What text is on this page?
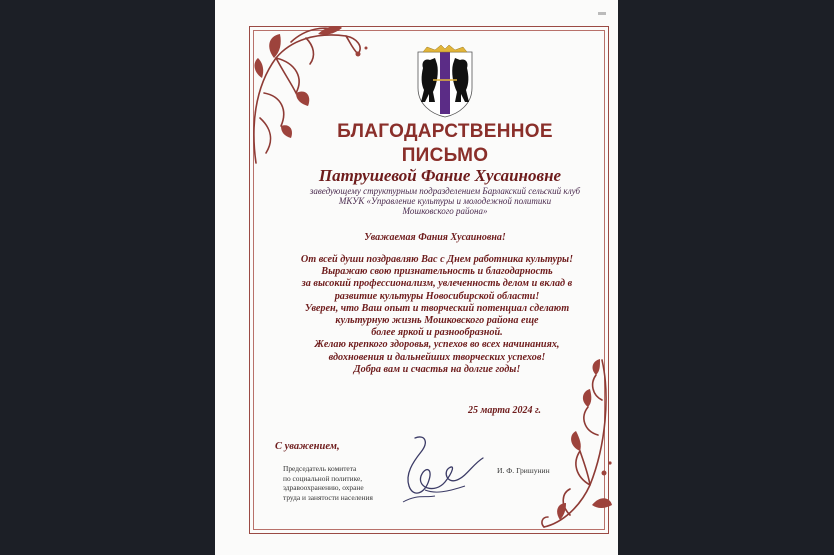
БЛАГОДАРСТВЕННОЕ
ПИСЬМО
Патрушевой Фание Хусаиновне
заведующему структурным подразделением Барлакский сельский клуб
МКУК «Управление культуры и молодежной политики
Мошковского района»
Уважаемая Фания Хусаиновна!
От всей души поздравляю Вас с Днем работника культуры!
Выражаю свою признательность и благодарность
за высокий профессионализм, увлеченность делом и вклад в
развитие культуры Новосибирской области!
Уверен, что Ваш опыт и творческий потенциал сделают
культурную жизнь Мошковского района еще
более яркой и разнообразной.
Желаю крепкого здоровья, успехов во всех начинаниях,
вдохновения и дальнейших творческих успехов!
Добра вам и счастья на долгие годы!
25 марта 2024 г.
С уважением,
Председатель комитета
по социальной политике,
здравоохранению, охране
труда и занятости населения
И. Ф. Гришунин
